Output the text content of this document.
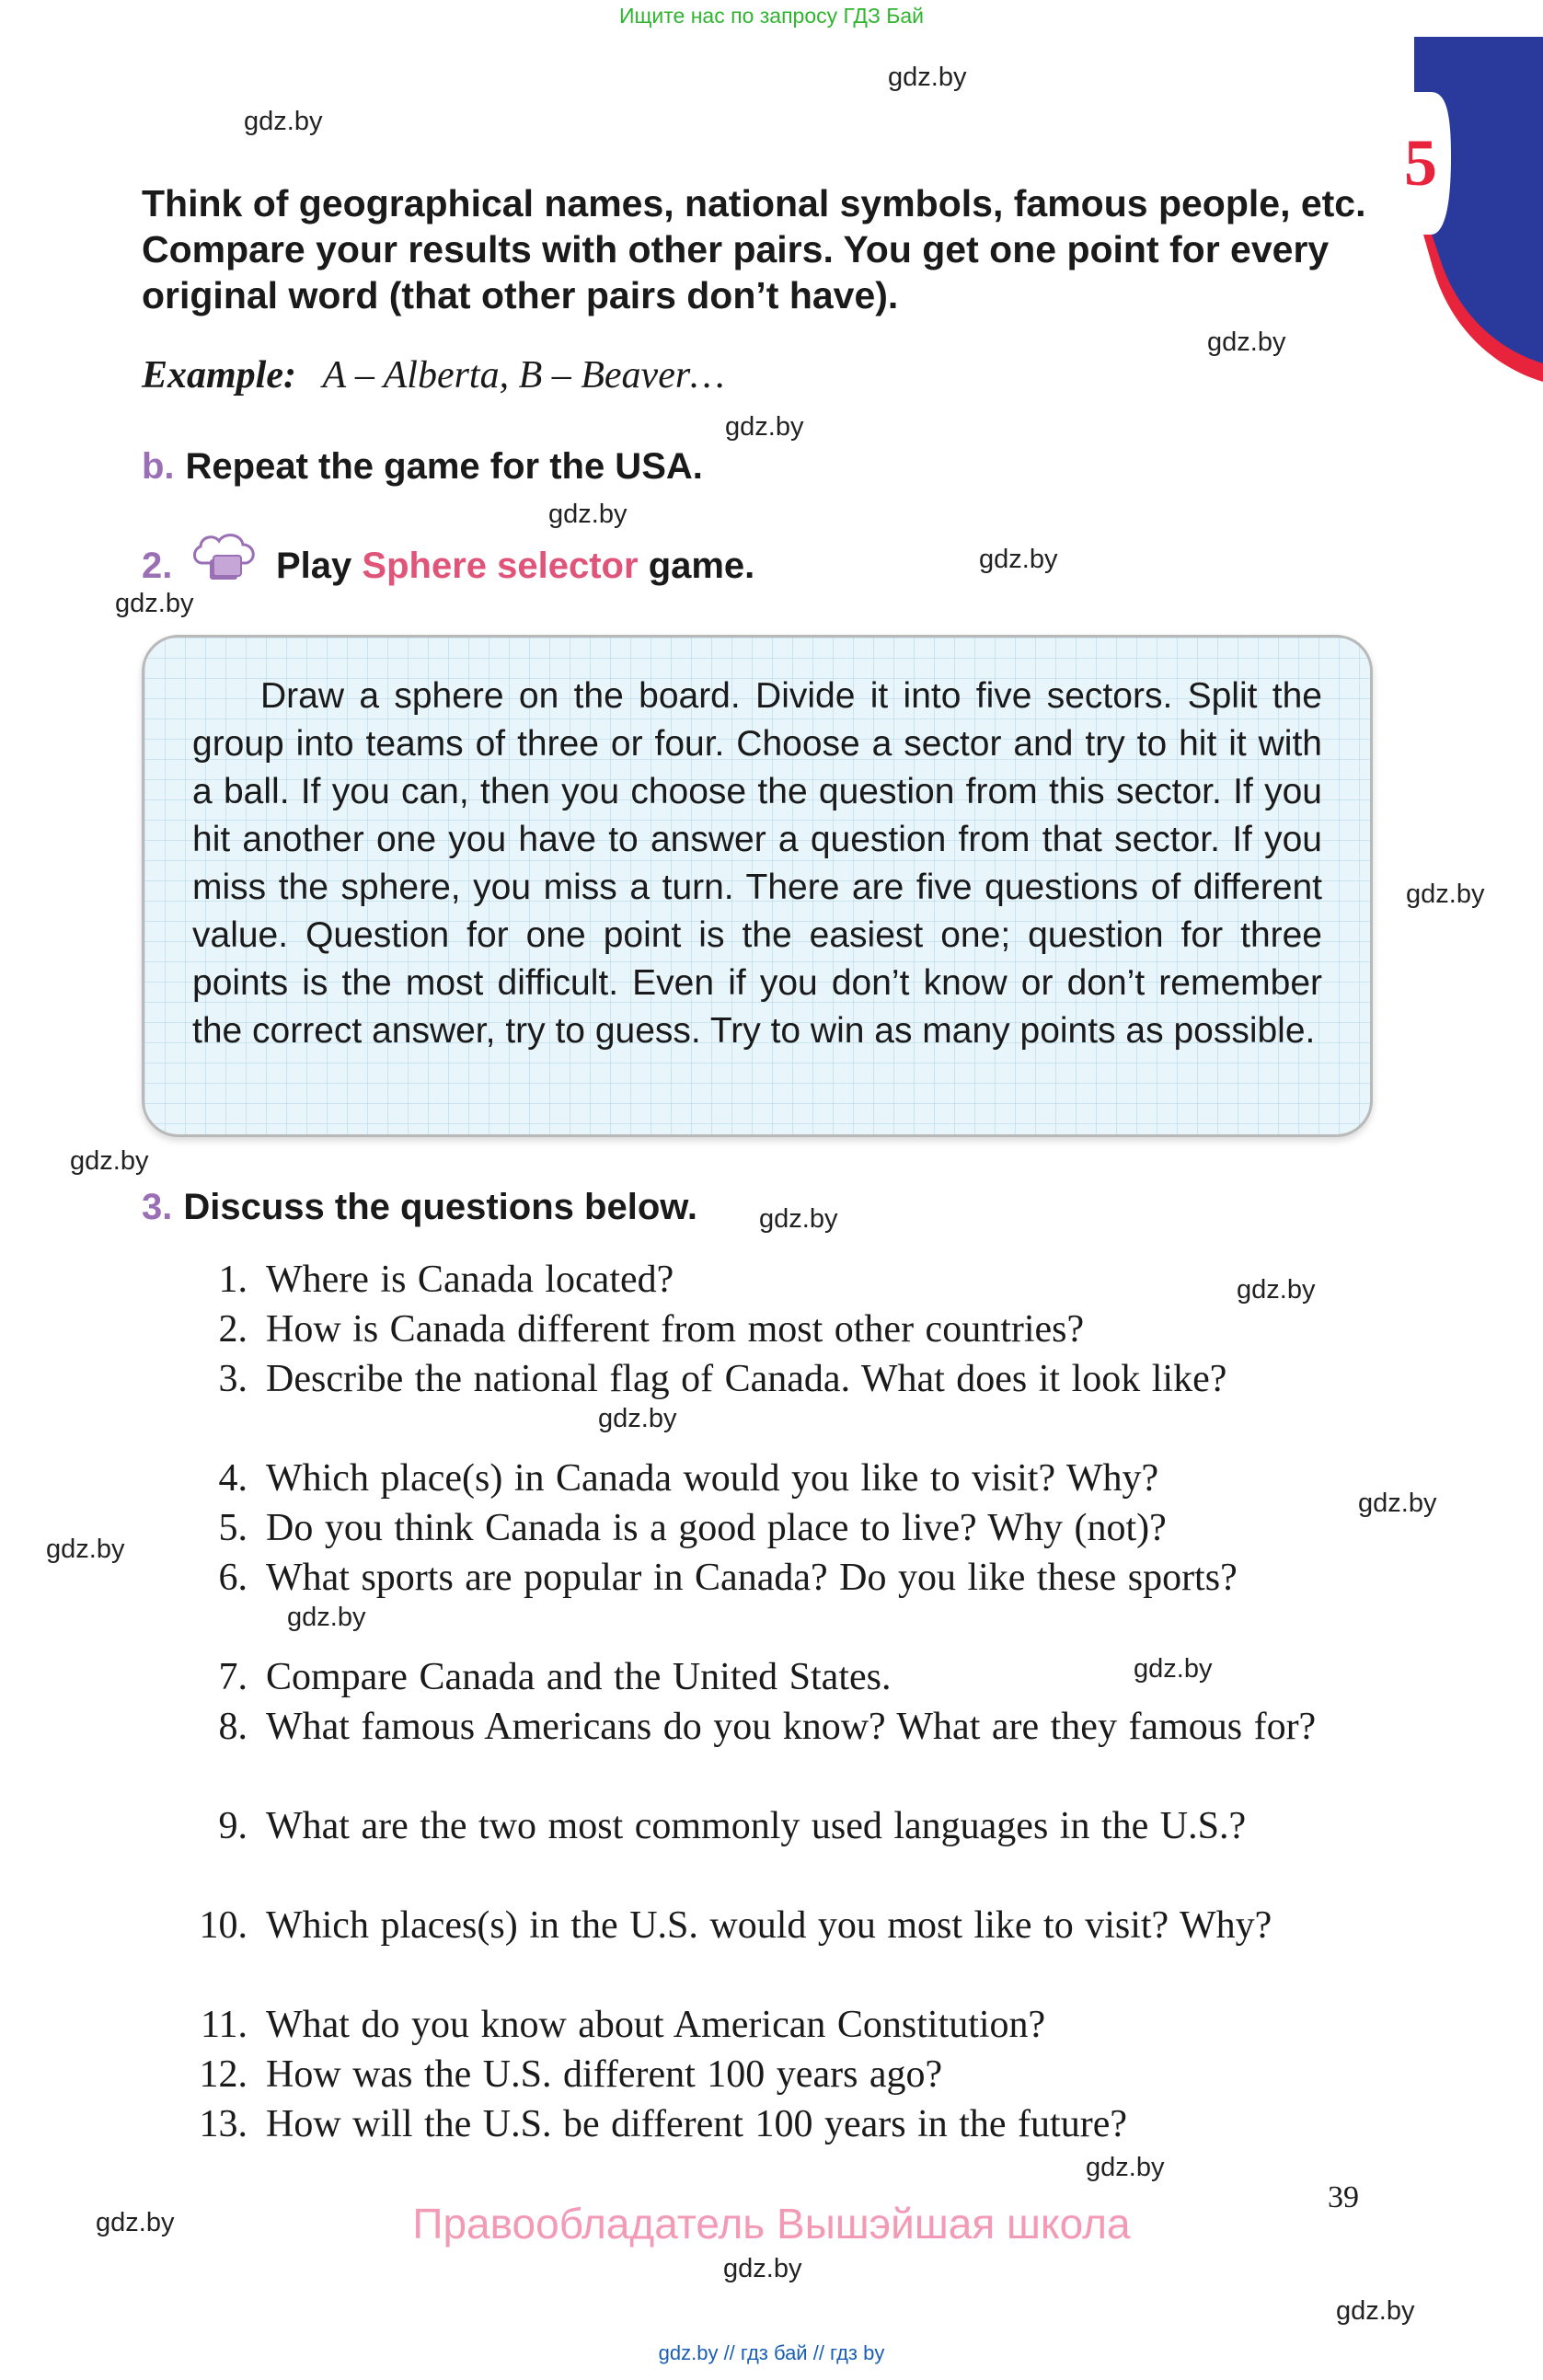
Ищите нас по запросу ГДЗ Бай
5
gdz.by
gdz.by
gdz.by
gdz.by
gdz.by
gdz.by
gdz.by
gdz.by
gdz.by
gdz.by
gdz.by
gdz.by
gdz.by
gdz.by
gdz.by
gdz.by
gdz.by
gdz.by
gdz.by
gdz.by
Think of geographical names, national symbols, famous people, etc. Compare your results with other pairs. You get one point for every original word (that other pairs don’t have).
Example: A – Alberta, B – Beaver…
b. Repeat the game for the USA.
2.	Play Sphere selector game.
Draw a sphere on the board. Divide it into five sectors. Split the group into teams of three or four. Choose a sector and try to hit it with a ball. If you can, then you choose the question from this sector. If you hit another one you have to answer a question from that sector. If you miss the sphere, you miss a turn. There are five questions of different value. Question for one point is the easiest one; question for three points is the most difficult. Even if you don’t know or don’t remember the correct answer, try to guess. Try to win as many points as possible.
3. Discuss the questions below.
1. Where is Canada located?
2. How is Canada different from most other countries?
3. Describe the national flag of Canada. What does it look like?
4. Which place(s) in Canada would you like to visit? Why?
5. Do you think Canada is a good place to live? Why (not)?
6. What sports are popular in Canada? Do you like these sports?
7. Compare Canada and the United States.
8. What famous Americans do you know? What are they famous for?
9. What are the two most commonly used languages in the U.S.?
10. Which places(s) in the U.S. would you most like to visit? Why?
11. What do you know about American Constitution?
12. How was the U.S. different 100 years ago?
13. How will the U.S. be different 100 years in the future?
39
Правообладатель Вышэйшая школа
gdz.by // гдз бай // гдз by
